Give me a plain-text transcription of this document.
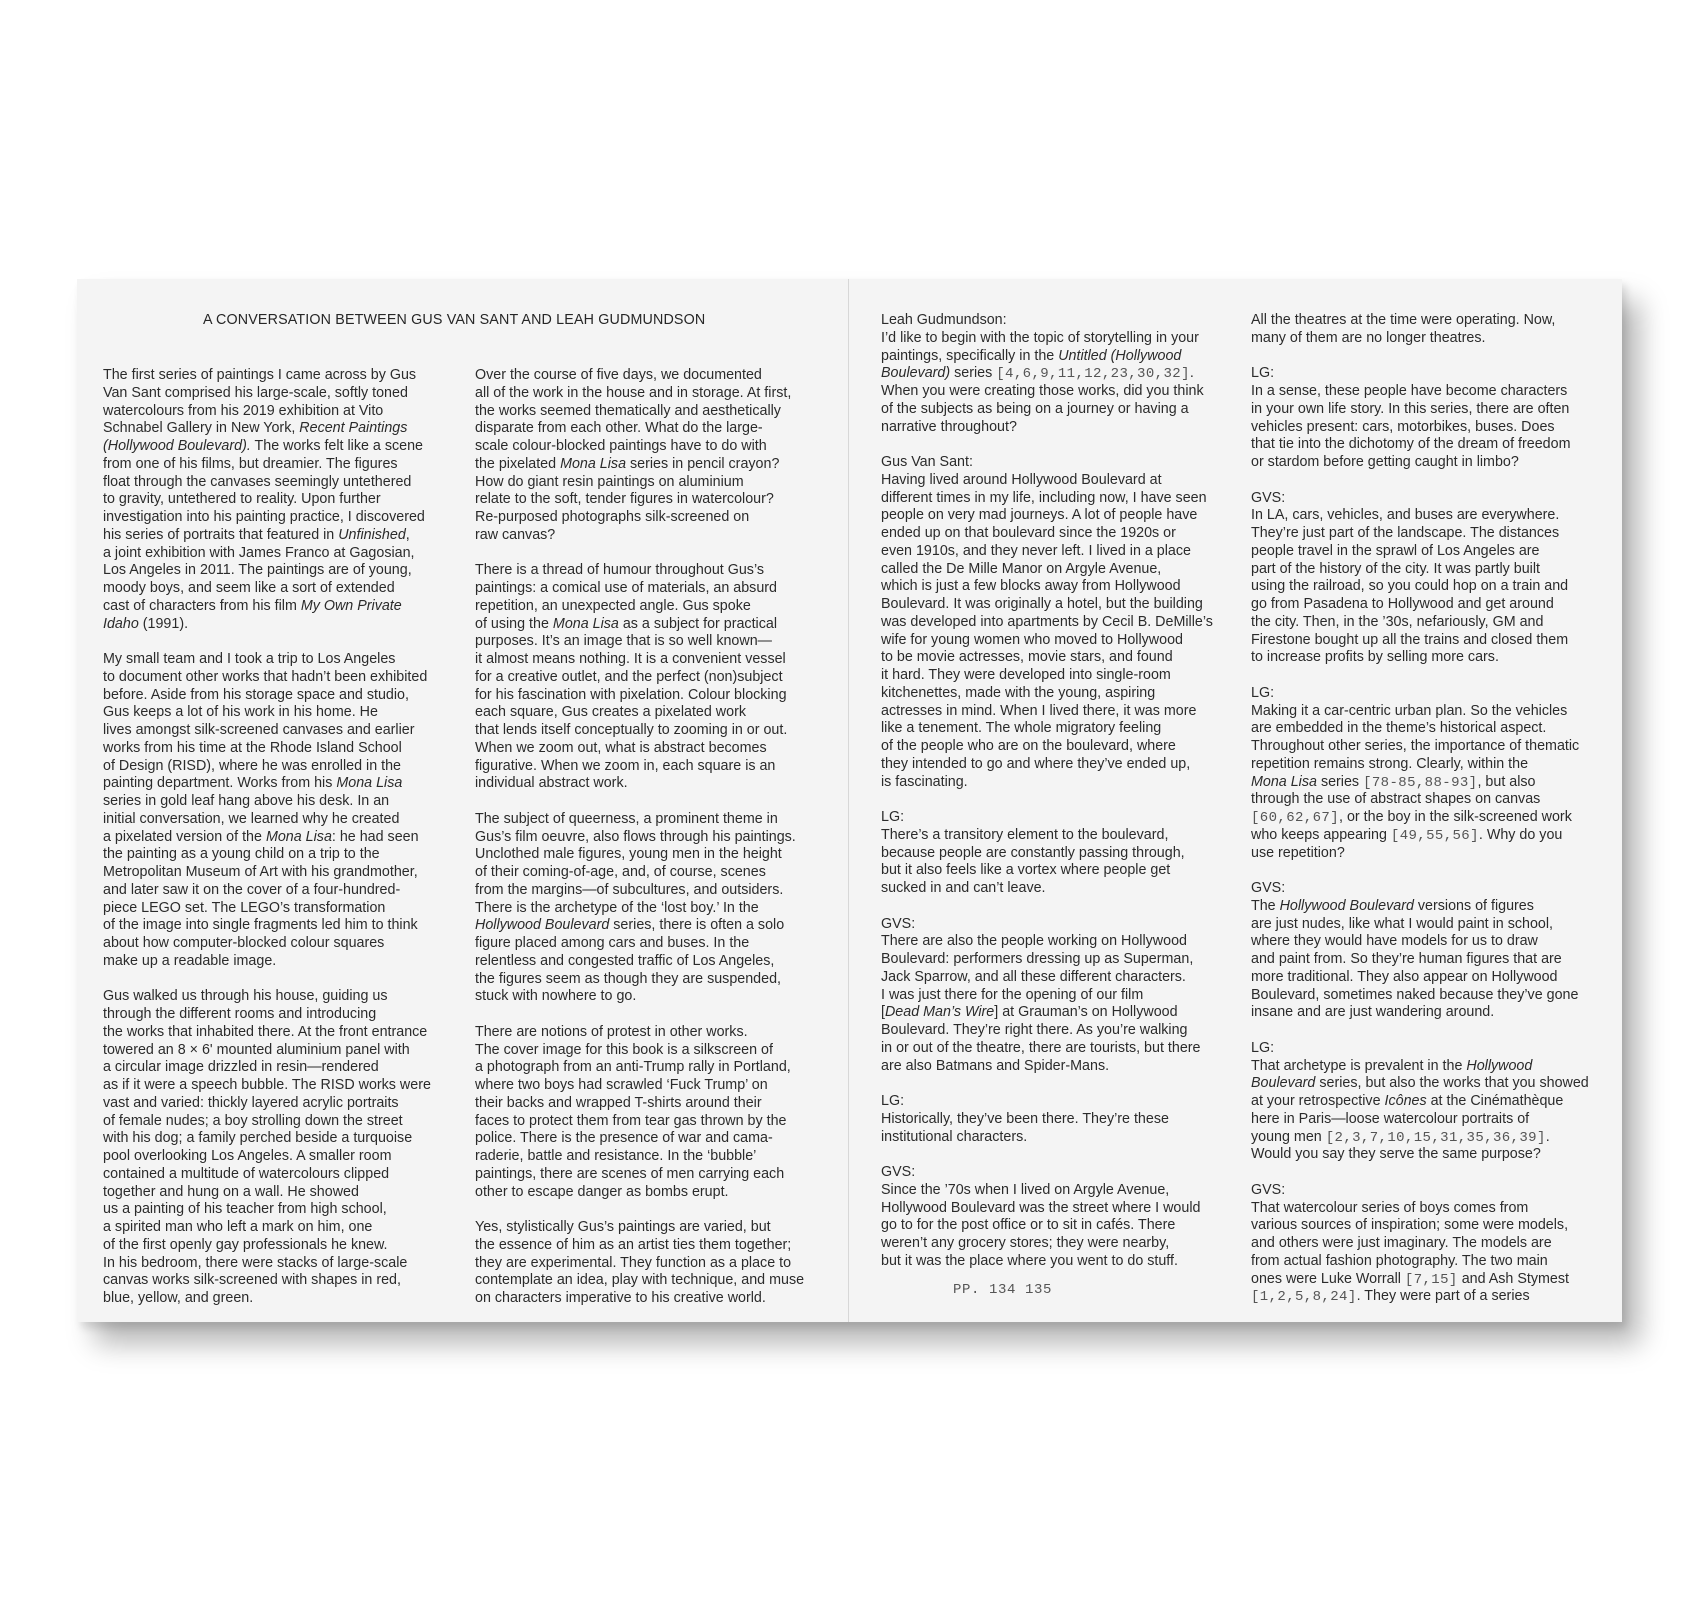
A CONVERSATION BETWEEN GUS VAN SANT AND LEAH GUDMUNDSON
The first series of paintings I came across by Gus
Van Sant comprised his large-scale, softly toned
watercolours from his 2019 exhibition at Vito
Schnabel Gallery in New York, Recent Paintings
(Hollywood Boulevard). The works felt like a scene
from one of his films, but dreamier. The figures
float through the canvases seemingly untethered
to gravity, untethered to reality. Upon further
investigation into his painting practice, I discovered
his series of portraits that featured in Unfinished,
a joint exhibition with James Franco at Gagosian,
Los Angeles in 2011. The paintings are of young,
moody boys, and seem like a sort of extended
cast of characters from his film My Own Private
Idaho (1991).
My small team and I took a trip to Los Angeles
to document other works that hadn’t been exhibited
before. Aside from his storage space and studio,
Gus keeps a lot of his work in his home. He
lives amongst silk-screened canvases and earlier
works from his time at the Rhode Island School
of Design (RISD), where he was enrolled in the
painting department. Works from his Mona Lisa
series in gold leaf hang above his desk. In an
initial conversation, we learned why he created
a pixelated version of the Mona Lisa: he had seen
the painting as a young child on a trip to the
Metropolitan Museum of Art with his grandmother,
and later saw it on the cover of a four-hundred-
piece LEGO set. The LEGO’s transformation
of the image into single fragments led him to think
about how computer-blocked colour squares
make up a readable image.
Gus walked us through his house, guiding us
through the different rooms and introducing
the works that inhabited there. At the front entrance
towered an 8 × 6' mounted aluminium panel with
a circular image drizzled in resin—rendered
as if it were a speech bubble. The RISD works were
vast and varied: thickly layered acrylic portraits
of female nudes; a boy strolling down the street
with his dog; a family perched beside a turquoise
pool overlooking Los Angeles. A smaller room
contained a multitude of watercolours clipped
together and hung on a wall. He showed
us a painting of his teacher from high school,
a spirited man who left a mark on him, one
of the first openly gay professionals he knew.
In his bedroom, there were stacks of large-scale
canvas works silk-screened with shapes in red,
blue, yellow, and green.
Over the course of five days, we documented
all of the work in the house and in storage. At first,
the works seemed thematically and aesthetically
disparate from each other. What do the large-
scale colour-blocked paintings have to do with
the pixelated Mona Lisa series in pencil crayon?
How do giant resin paintings on aluminium
relate to the soft, tender figures in watercolour?
Re-purposed photographs silk-screened on
raw canvas?
There is a thread of humour throughout Gus’s
paintings: a comical use of materials, an absurd
repetition, an unexpected angle. Gus spoke
of using the Mona Lisa as a subject for practical
purposes. It’s an image that is so well known—
it almost means nothing. It is a convenient vessel
for a creative outlet, and the perfect (non)subject
for his fascination with pixelation. Colour blocking
each square, Gus creates a pixelated work
that lends itself conceptually to zooming in or out.
When we zoom out, what is abstract becomes
figurative. When we zoom in, each square is an
individual abstract work.
The subject of queerness, a prominent theme in
Gus’s film oeuvre, also flows through his paintings.
Unclothed male figures, young men in the height
of their coming-of-age, and, of course, scenes
from the margins—of subcultures, and outsiders.
There is the archetype of the ‘lost boy.’ In the
Hollywood Boulevard series, there is often a solo
figure placed among cars and buses. In the
relentless and congested traffic of Los Angeles,
the figures seem as though they are suspended,
stuck with nowhere to go.
There are notions of protest in other works.
The cover image for this book is a silkscreen of
a photograph from an anti-Trump rally in Portland,
where two boys had scrawled ‘Fuck Trump’ on
their backs and wrapped T-shirts around their
faces to protect them from tear gas thrown by the
police. There is the presence of war and cama-
raderie, battle and resistance. In the ‘bubble’
paintings, there are scenes of men carrying each
other to escape danger as bombs erupt.
Yes, stylistically Gus’s paintings are varied, but
the essence of him as an artist ties them together;
they are experimental. They function as a place to
contemplate an idea, play with technique, and muse
on characters imperative to his creative world.
Leah Gudmundson:
I’d like to begin with the topic of storytelling in your
paintings, specifically in the Untitled (Hollywood
Boulevard) series [4,6,9,11,12,23,30,32].
When you were creating those works, did you think
of the subjects as being on a journey or having a
narrative throughout?
Gus Van Sant:
Having lived around Hollywood Boulevard at
different times in my life, including now, I have seen
people on very mad journeys. A lot of people have
ended up on that boulevard since the 1920s or
even 1910s, and they never left. I lived in a place
called the De Mille Manor on Argyle Avenue,
which is just a few blocks away from Hollywood
Boulevard. It was originally a hotel, but the building
was developed into apartments by Cecil B. DeMille’s
wife for young women who moved to Hollywood
to be movie actresses, movie stars, and found
it hard. They were developed into single-room
kitchenettes, made with the young, aspiring
actresses in mind. When I lived there, it was more
like a tenement. The whole migratory feeling
of the people who are on the boulevard, where
they intended to go and where they’ve ended up,
is fascinating.
LG:
There’s a transitory element to the boulevard,
because people are constantly passing through,
but it also feels like a vortex where people get
sucked in and can’t leave.
GVS:
There are also the people working on Hollywood
Boulevard: performers dressing up as Superman,
Jack Sparrow, and all these different characters.
I was just there for the opening of our film
[Dead Man’s Wire] at Grauman’s on Hollywood
Boulevard. They’re right there. As you’re walking
in or out of the theatre, there are tourists, but there
are also Batmans and Spider-Mans.
LG:
Historically, they’ve been there. They’re these
institutional characters.
GVS:
Since the ’70s when I lived on Argyle Avenue,
Hollywood Boulevard was the street where I would
go to for the post office or to sit in cafés. There
weren’t any grocery stores; they were nearby,
but it was the place where you went to do stuff.
All the theatres at the time were operating. Now,
many of them are no longer theatres.
LG:
In a sense, these people have become characters
in your own life story. In this series, there are often
vehicles present: cars, motorbikes, buses. Does
that tie into the dichotomy of the dream of freedom
or stardom before getting caught in limbo?
GVS:
In LA, cars, vehicles, and buses are everywhere.
They’re just part of the landscape. The distances
people travel in the sprawl of Los Angeles are
part of the history of the city. It was partly built
using the railroad, so you could hop on a train and
go from Pasadena to Hollywood and get around
the city. Then, in the ’30s, nefariously, GM and
Firestone bought up all the trains and closed them
to increase profits by selling more cars.
LG:
Making it a car-centric urban plan. So the vehicles
are embedded in the theme’s historical aspect.
Throughout other series, the importance of thematic
repetition remains strong. Clearly, within the
Mona Lisa series [78-85,88-93], but also
through the use of abstract shapes on canvas
[60,62,67], or the boy in the silk-screened work
who keeps appearing [49,55,56]. Why do you
use repetition?
GVS:
The Hollywood Boulevard versions of figures
are just nudes, like what I would paint in school,
where they would have models for us to draw
and paint from. So they’re human figures that are
more traditional. They also appear on Hollywood
Boulevard, sometimes naked because they’ve gone
insane and are just wandering around.
LG:
That archetype is prevalent in the Hollywood
Boulevard series, but also the works that you showed
at your retrospective Icônes at the Cinémathèque
here in Paris—loose watercolour portraits of
young men [2,3,7,10,15,31,35,36,39].
Would you say they serve the same purpose?
GVS:
That watercolour series of boys comes from
various sources of inspiration; some were models,
and others were just imaginary. The models are
from actual fashion photography. The two main
ones were Luke Worrall [7,15] and Ash Stymest
[1,2,5,8,24]. They were part of a series
PP. 134 135
